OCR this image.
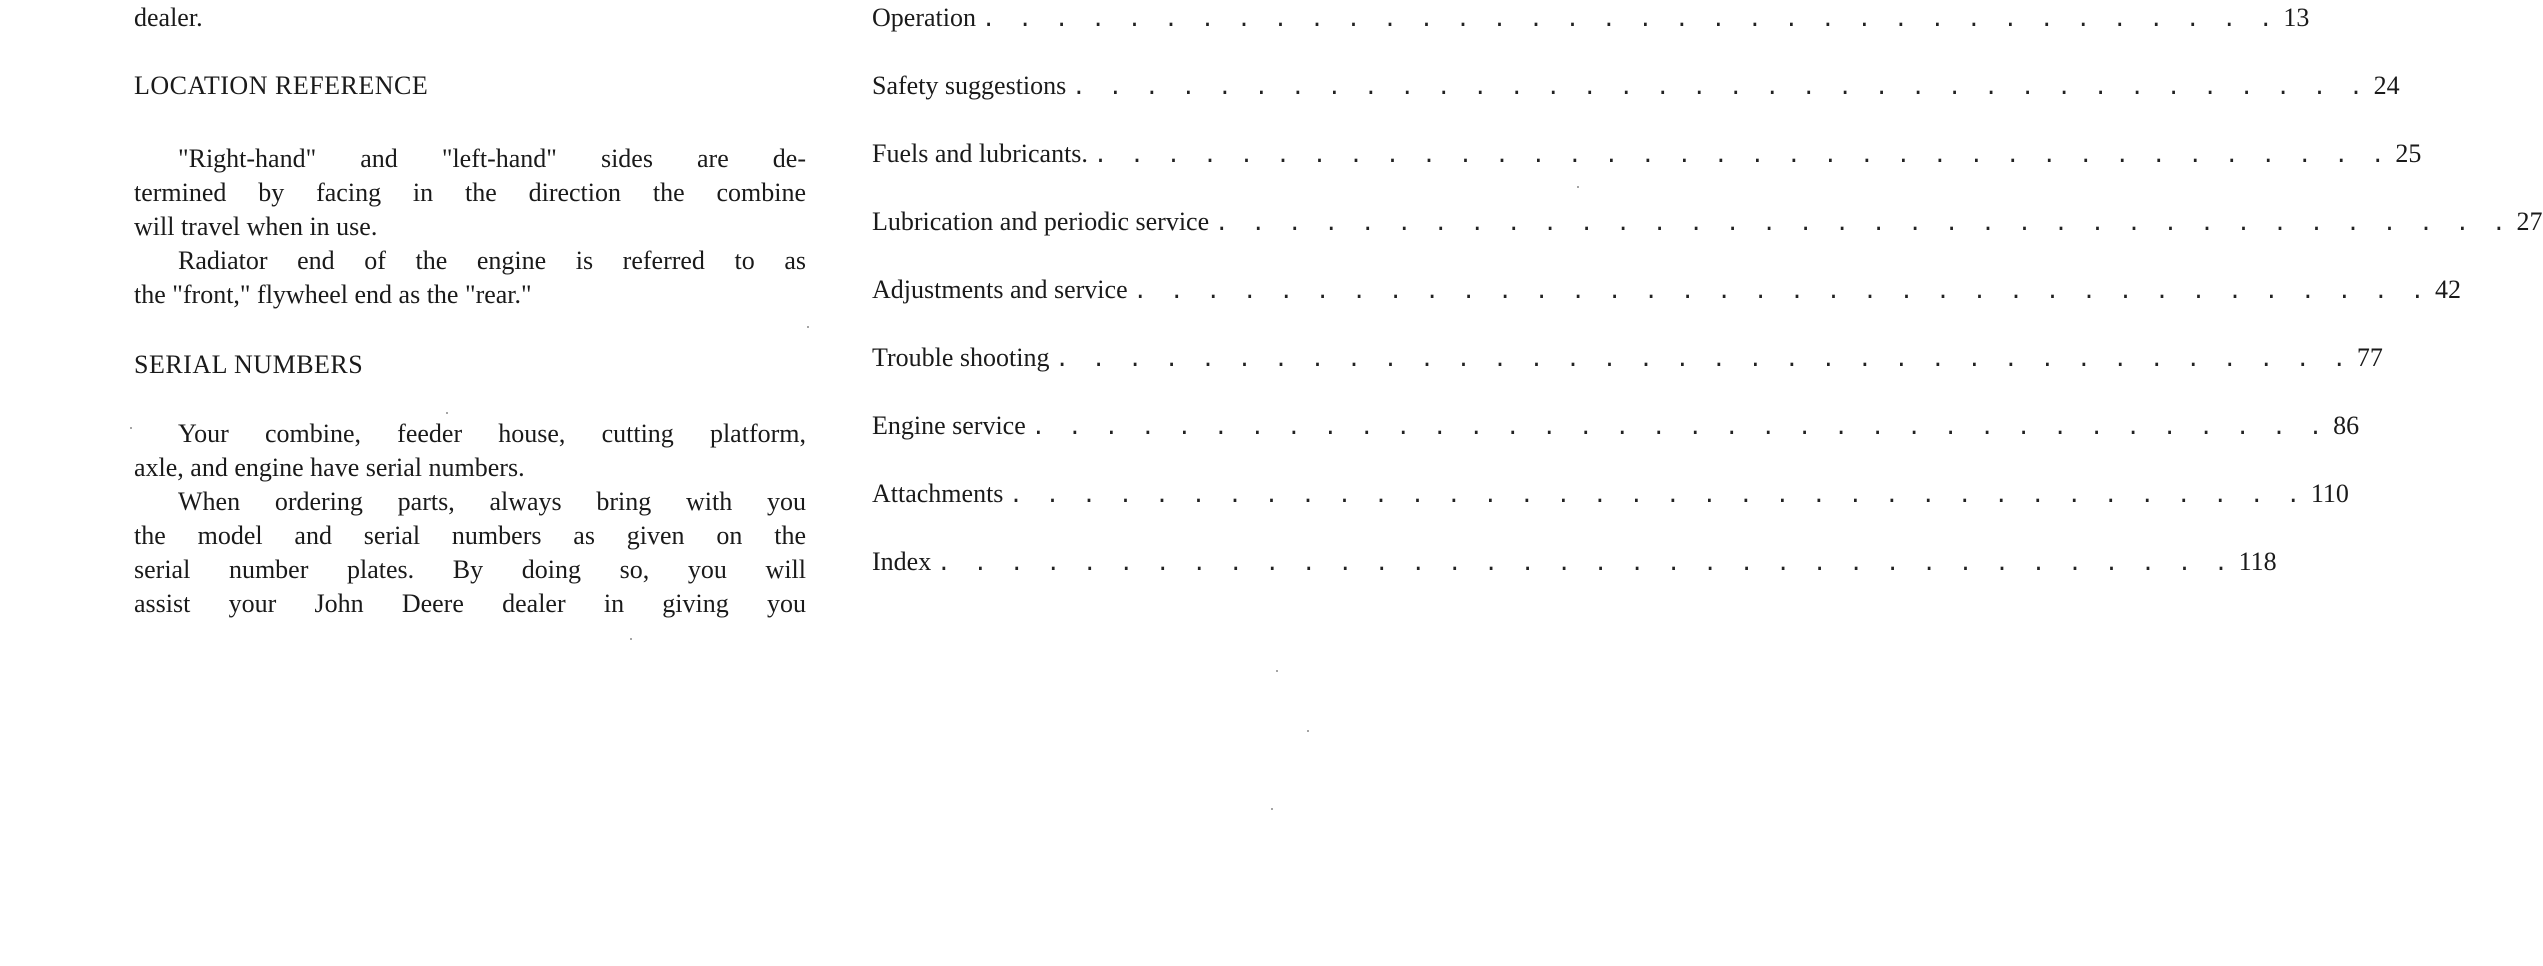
dealer.
LOCATION REFERENCE
"Right-hand" and "left-hand" sides are de-
termined by facing in the direction the combine
will travel when in use.
Radiator end of the engine is referred to as
the "front," flywheel end as the "rear."
SERIAL NUMBERS
Your combine, feeder house, cutting platform,
axle, and engine have serial numbers.
When ordering parts, always bring with you
the model and serial numbers as given on the
serial number plates. By doing so, you will
assist your John Deere dealer in giving you
Operation . . . . . . . . . . . . . . . . . . . . . . . . . . . . . . . . . . . . 13
Safety suggestions . . . . . . . . . . . . . . . . . . . . . . . . . . . . . . . . . . . . 24
Fuels and lubricants. . . . . . . . . . . . . . . . . . . . . . . . . . . . . . . . . . . . . 25
Lubrication and periodic service . . . . . . . . . . . . . . . . . . . . . . . . . . . . . . . . . . . . 27
Adjustments and service . . . . . . . . . . . . . . . . . . . . . . . . . . . . . . . . . . . . 42
Trouble shooting . . . . . . . . . . . . . . . . . . . . . . . . . . . . . . . . . . . . 77
Engine service . . . . . . . . . . . . . . . . . . . . . . . . . . . . . . . . . . . . 86
Attachments . . . . . . . . . . . . . . . . . . . . . . . . . . . . . . . . . . . . 110
Index . . . . . . . . . . . . . . . . . . . . . . . . . . . . . . . . . . . . 118
